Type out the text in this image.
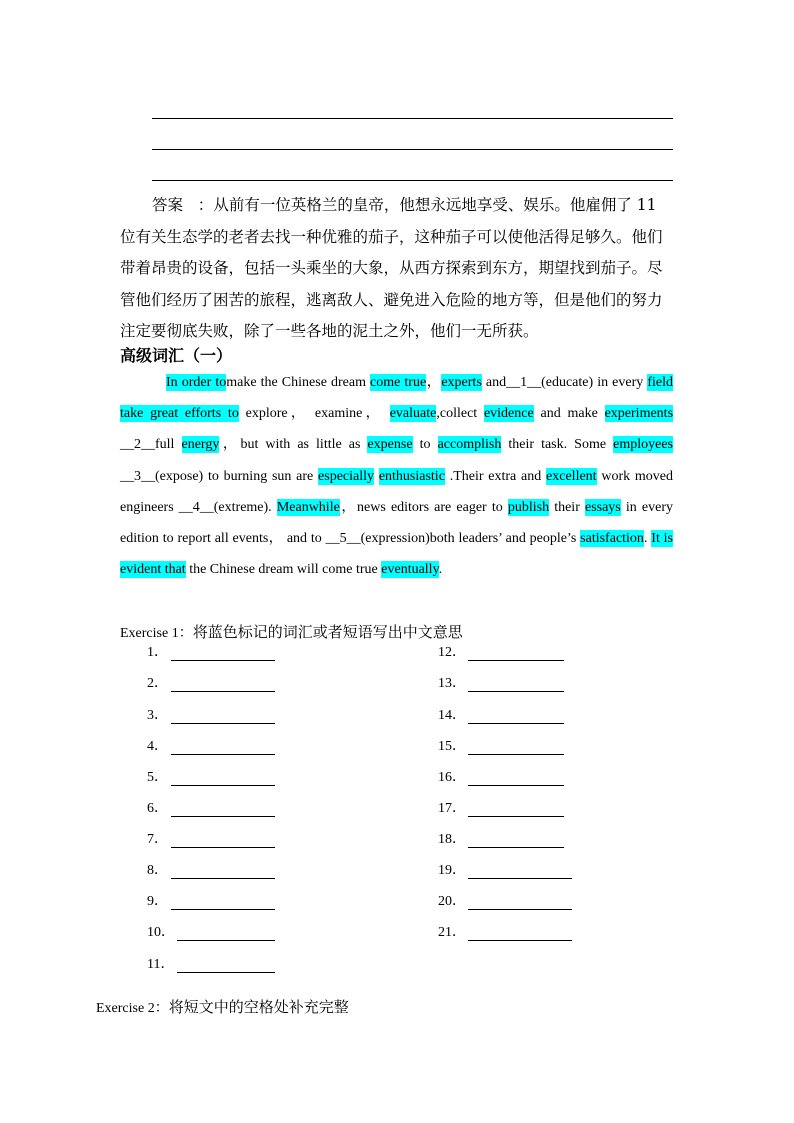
答案 ：从前有一位英格兰的皇帝，他想永远地享受、娱乐。他雇佣了 11 位有关生态学的老者去找一种优雅的茄子，这种茄子可以使他活得足够久。他们带着昂贵的设备，包括一头乘坐的大象，从西方探索到东方，期望找到茄子。尽管他们经历了困苦的旅程，逃离敌人、避免进入危险的地方等，但是他们的努力注定要彻底失败，除了一些各地的泥土之外，他们一无所获。
高级词汇（一）
In order tomake the Chinese dream come true，experts and__1__(educate) in every field take great efforts to explore， examine， evaluate,collect evidence and make experiments __2__full energy，but with as little as expense to accomplish their task. Some employees __3__(expose) to burning sun are especially enthusiastic .Their extra and excellent work moved engineers __4__(extreme). Meanwhile，news editors are eager to publish their essays in every edition to report all events， and to __5__(expression)both leaders’ and people’s satisfaction. It is evident that the Chinese dream will come true eventually.
Exercise 1：将蓝色标记的词汇或者短语写出中文意思
1．
2．
3．
4．
5．
6．
7．
8．
9．
10．
11．
12．
13．
14．
15．
16．
17．
18．
19．
20．
21．
Exercise 2：将短文中的空格处补充完整
